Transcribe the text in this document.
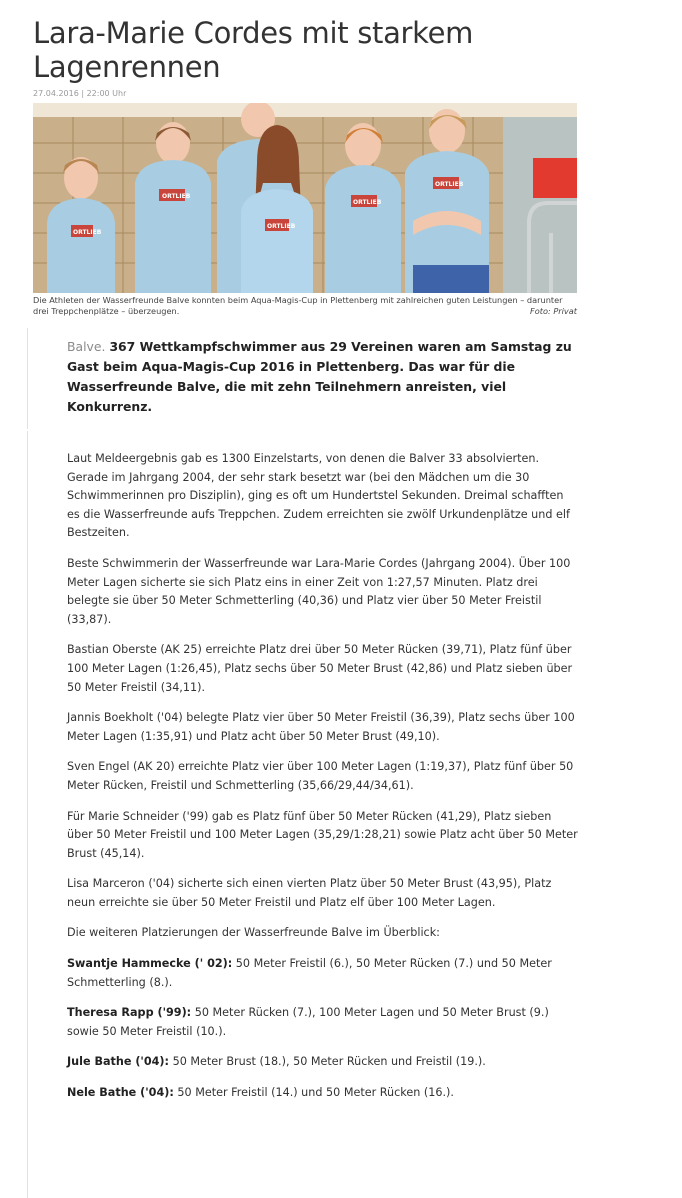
Lara-Marie Cordes mit starkem Lagenrennen
27.04.2016 | 22:00 Uhr
ORTLIEB
ORTLIEB
ORTLIEB
ORTLIEB
ORTLIEB
Die Athleten der Wasserfreunde Balve konnten beim Aqua-Magis-Cup in Plettenberg mit zahlreichen guten Leistungen – darunter drei Treppchenplätze – überzeugen.	Foto: Privat

Balve. 367 Wettkampfschwimmer aus 29 Vereinen waren am Samstag zu Gast beim Aqua-Magis-Cup 2016 in Plettenberg. Das war für die Wasserfreunde Balve, die mit zehn Teilnehmern anreisten, viel Konkurrenz.

Laut Meldeergebnis gab es 1300 Einzelstarts, von denen die Balver 33 absolvierten. Gerade im Jahrgang 2004, der sehr stark besetzt war (bei den Mädchen um die 30 Schwimmerinnen pro Disziplin), ging es oft um Hundertstel Sekunden. Dreimal schafften es die Wasserfreunde aufs Treppchen. Zudem erreichten sie zwölf Urkundenplätze und elf Bestzeiten.

Beste Schwimmerin der Wasserfreunde war Lara-Marie Cordes (Jahrgang 2004). Über 100 Meter Lagen sicherte sie sich Platz eins in einer Zeit von 1:27,57 Minuten. Platz drei belegte sie über 50 Meter Schmetterling (40,36) und Platz vier über 50 Meter Freistil (33,87).

Bastian Oberste (AK 25) erreichte Platz drei über 50 Meter Rücken (39,71), Platz fünf über 100 Meter Lagen (1:26,45), Platz sechs über 50 Meter Brust (42,86) und Platz sieben über 50 Meter Freistil (34,11).

Jannis Boekholt ('04) belegte Platz vier über 50 Meter Freistil (36,39), Platz sechs über 100 Meter Lagen (1:35,91) und Platz acht über 50 Meter Brust (49,10).

Sven Engel (AK 20) erreichte Platz vier über 100 Meter Lagen (1:19,37), Platz fünf über 50 Meter Rücken, Freistil und Schmetterling (35,66/29,44/34,61).

Für Marie Schneider ('99) gab es Platz fünf über 50 Meter Rücken (41,29), Platz sieben über 50 Meter Freistil und 100 Meter Lagen (35,29/1:28,21) sowie Platz acht über 50 Meter Brust (45,14).

Lisa Marceron ('04) sicherte sich einen vierten Platz über 50 Meter Brust (43,95), Platz neun erreichte sie über 50 Meter Freistil und Platz elf über 100 Meter Lagen.

Die weiteren Platzierungen der Wasserfreunde Balve im Überblick:

Swantje Hammecke (' 02): 50 Meter Freistil (6.), 50 Meter Rücken (7.) und 50 Meter Schmetterling (8.).

Theresa Rapp ('99): 50 Meter Rücken (7.), 100 Meter Lagen und 50 Meter Brust (9.) sowie 50 Meter Freistil (10.).

Jule Bathe ('04): 50 Meter Brust (18.), 50 Meter Rücken und Freistil (19.).

Nele Bathe ('04): 50 Meter Freistil (14.) und 50 Meter Rücken (16.).
